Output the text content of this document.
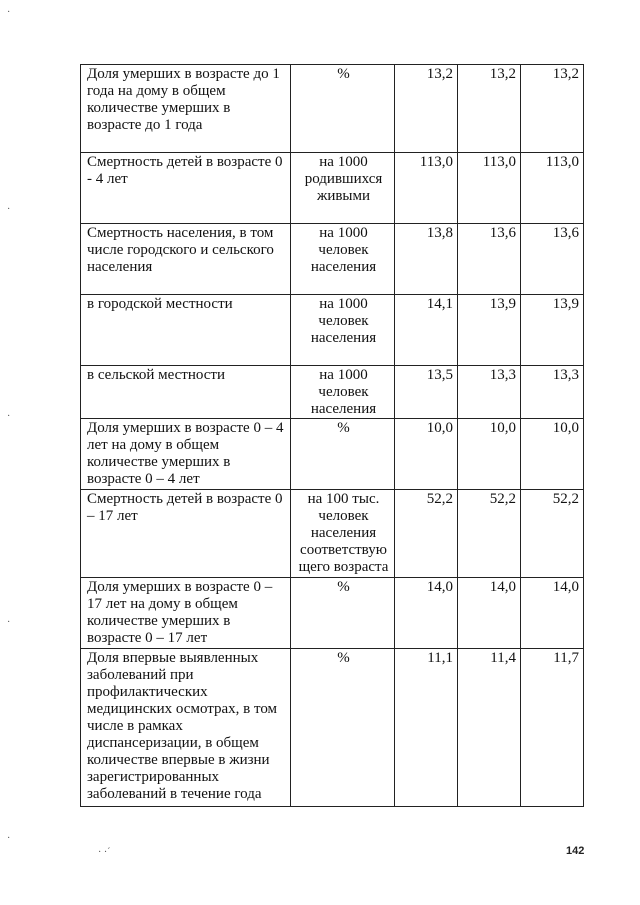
·
·
·
·
·
· ·´
Доля умерших в возрасте до 1 года на дому в общем количестве умерших в возрасте до 1 года	%	13,2	13,2	13,2
Смертность детей в возрасте 0 - 4 лет	на 1000 родившихся живыми	113,0	113,0	113,0
Смертность населения, в том числе городского и сельского населения	на 1000 человек населения	13,8	13,6	13,6
в городской местности	на 1000 человек населения	14,1	13,9	13,9
в сельской местности	на 1000 человек населения	13,5	13,3	13,3
Доля умерших в возрасте 0 – 4 лет на дому в общем количестве умерших в возрасте 0 – 4 лет	%	10,0	10,0	10,0
Смертность детей в возрасте 0 – 17 лет	на 100 тыс. человек населения соответствую щего возраста	52,2	52,2	52,2
Доля умерших в возрасте 0 – 17 лет на дому в общем количестве умерших в возрасте 0 – 17 лет	%	14,0	14,0	14,0
Доля впервые выявленных заболеваний при профилактических медицинских осмотрах, в том числе в рамках диспансеризации, в общем количестве впервые в жизни зарегистрированных заболеваний в течение года	%	11,1	11,4	11,7
142
